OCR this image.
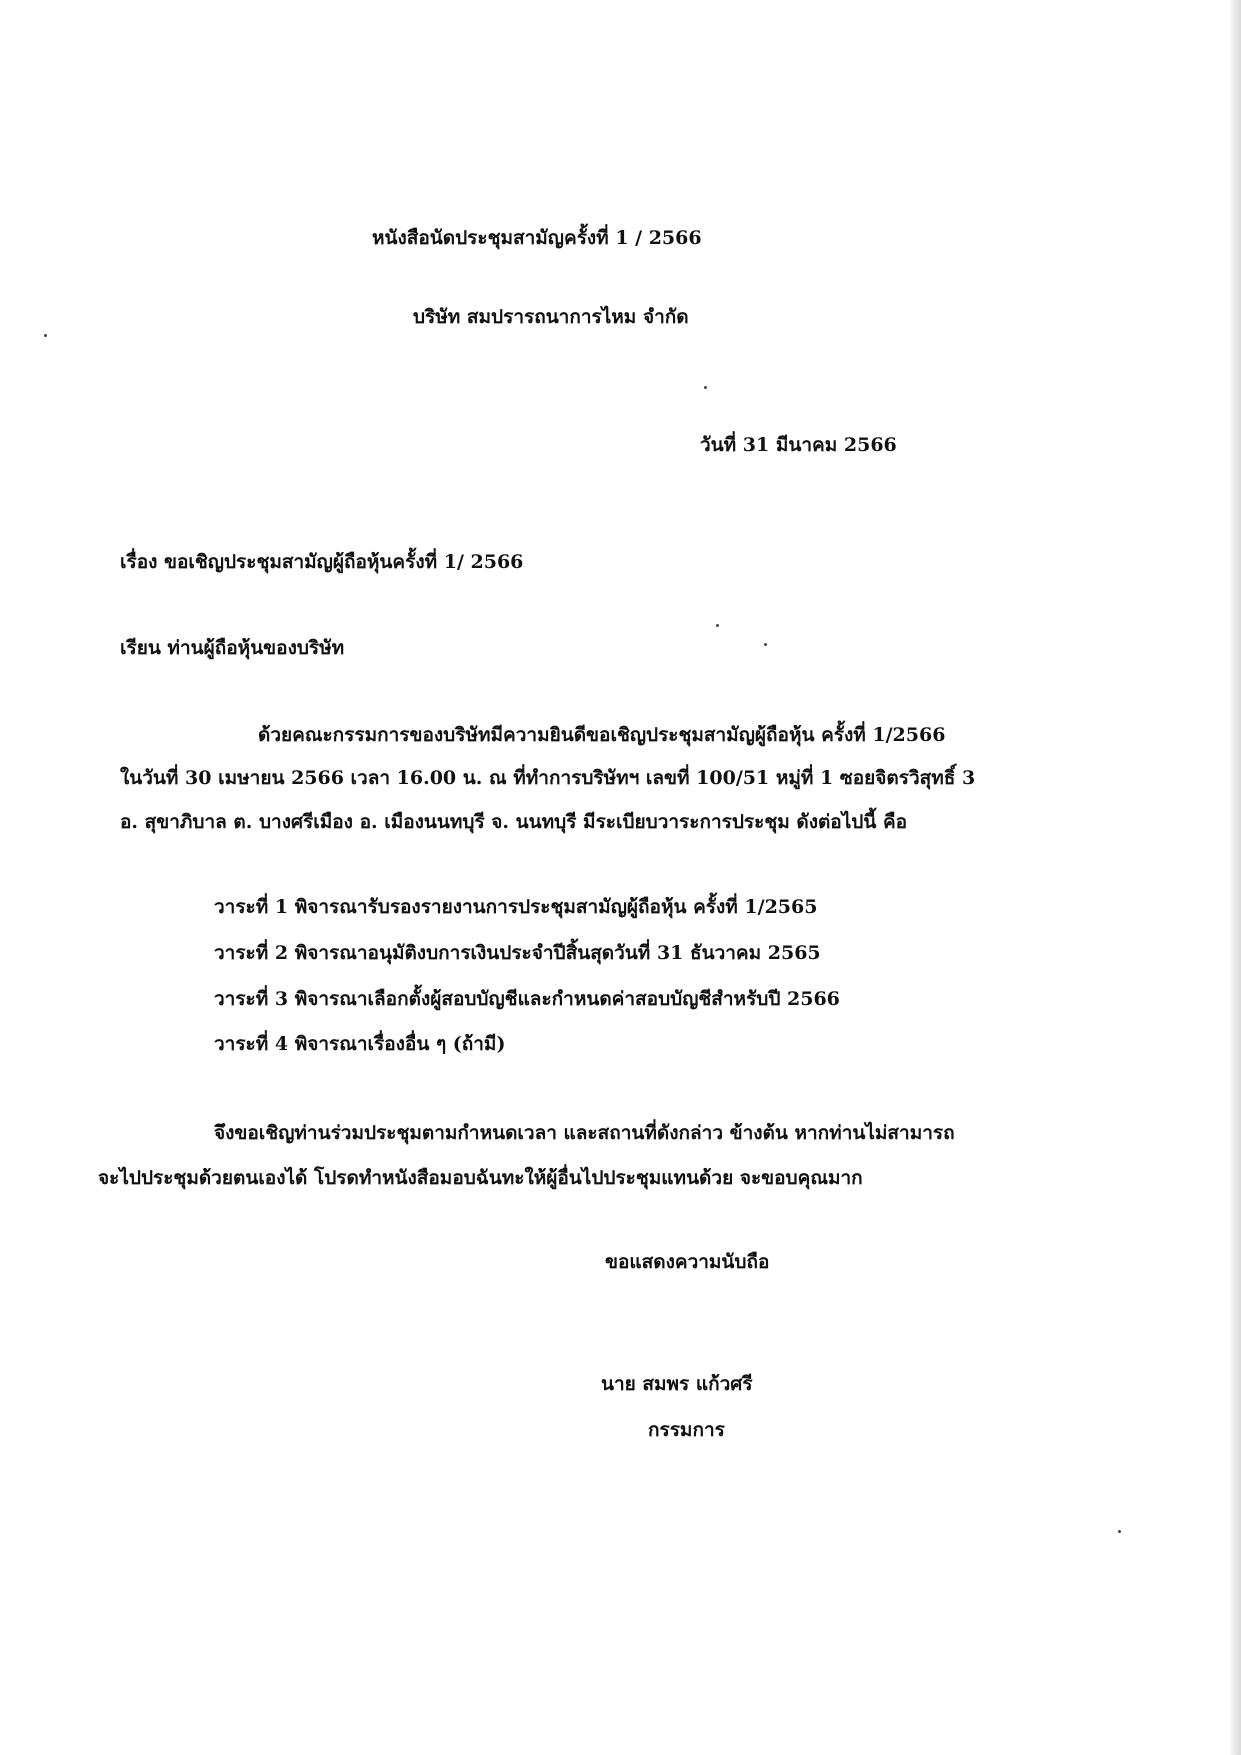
หนังสือนัดประชุมสามัญครั้งที่ 1 / 2566
บริษัท สมปรารถนาการไหม จำกัด
วันที่ 31 มีนาคม 2566
เรื่อง ขอเชิญประชุมสามัญผู้ถือหุ้นครั้งที่ 1/ 2566
เรียน ท่านผู้ถือหุ้นของบริษัท
ด้วยคณะกรรมการของบริษัทมีความยินดีขอเชิญประชุมสามัญผู้ถือหุ้น ครั้งที่ 1/2566
ในวันที่ 30 เมษายน 2566 เวลา 16.00 น. ณ ที่ทำการบริษัทฯ เลขที่ 100/51 หมู่ที่ 1 ซอยจิตรวิสุทธิ์ 3
อ. สุขาภิบาล ต. บางศรีเมือง อ. เมืองนนทบุรี จ. นนทบุรี มีระเบียบวาระการประชุม ดังต่อไปนี้ คือ
วาระที่ 1 พิจารณารับรองรายงานการประชุมสามัญผู้ถือหุ้น ครั้งที่ 1/2565
วาระที่ 2 พิจารณาอนุมัติงบการเงินประจำปีสิ้นสุดวันที่ 31 ธันวาคม 2565
วาระที่ 3 พิจารณาเลือกตั้งผู้สอบบัญชีและกำหนดค่าสอบบัญชีสำหรับปี 2566
วาระที่ 4 พิจารณาเรื่องอื่น ๆ (ถ้ามี)
จึงขอเชิญท่านร่วมประชุมตามกำหนดเวลา และสถานที่ดังกล่าว ข้างต้น หากท่านไม่สามารถ
จะไปประชุมด้วยตนเองได้ โปรดทำหนังสือมอบฉันทะให้ผู้อื่นไปประชุมแทนด้วย จะขอบคุณมาก
ขอแสดงความนับถือ
นาย สมพร แก้วศรี
กรรมการ
